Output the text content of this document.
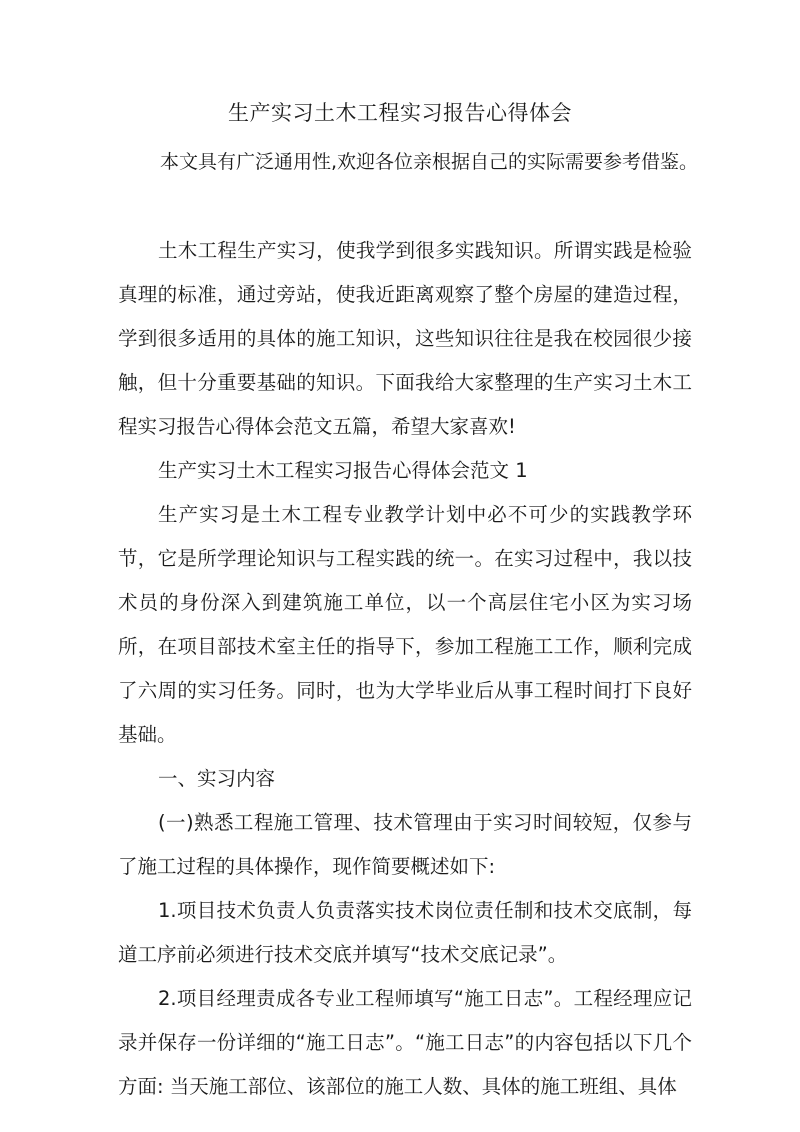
生产实习土木工程实习报告心得体会
本文具有广泛通用性,欢迎各位亲根据自己的实际需要参考借鉴。

土木工程生产实习，使我学到很多实践知识。所谓实践是检验真理的标准，通过旁站，使我近距离观察了整个房屋的建造过程，学到很多适用的具体的施工知识，这些知识往往是我在校园很少接触，但十分重要基础的知识。下面我给大家整理的生产实习土木工程实习报告心得体会范文五篇，希望大家喜欢!

生产实习土木工程实习报告心得体会范文 1

生产实习是土木工程专业教学计划中必不可少的实践教学环节，它是所学理论知识与工程实践的统一。在实习过程中，我以技术员的身份深入到建筑施工单位，以一个高层住宅小区为实习场所，在项目部技术室主任的指导下，参加工程施工工作，顺利完成了六周的实习任务。同时，也为大学毕业后从事工程时间打下良好基础。

一、实习内容

(一)熟悉工程施工管理、技术管理由于实习时间较短，仅参与了施工过程的具体操作，现作简要概述如下:

1.项目技术负责人负责落实技术岗位责任制和技术交底制，每道工序前必须进行技术交底并填写“技术交底记录”。

2.项目经理责成各专业工程师填写“施工日志”。工程经理应记录并保存一份详细的“施工日志”。“施工日志”的内容包括以下几个方面: 当天施工部位、该部位的施工人数、具体的施工班组、具体
